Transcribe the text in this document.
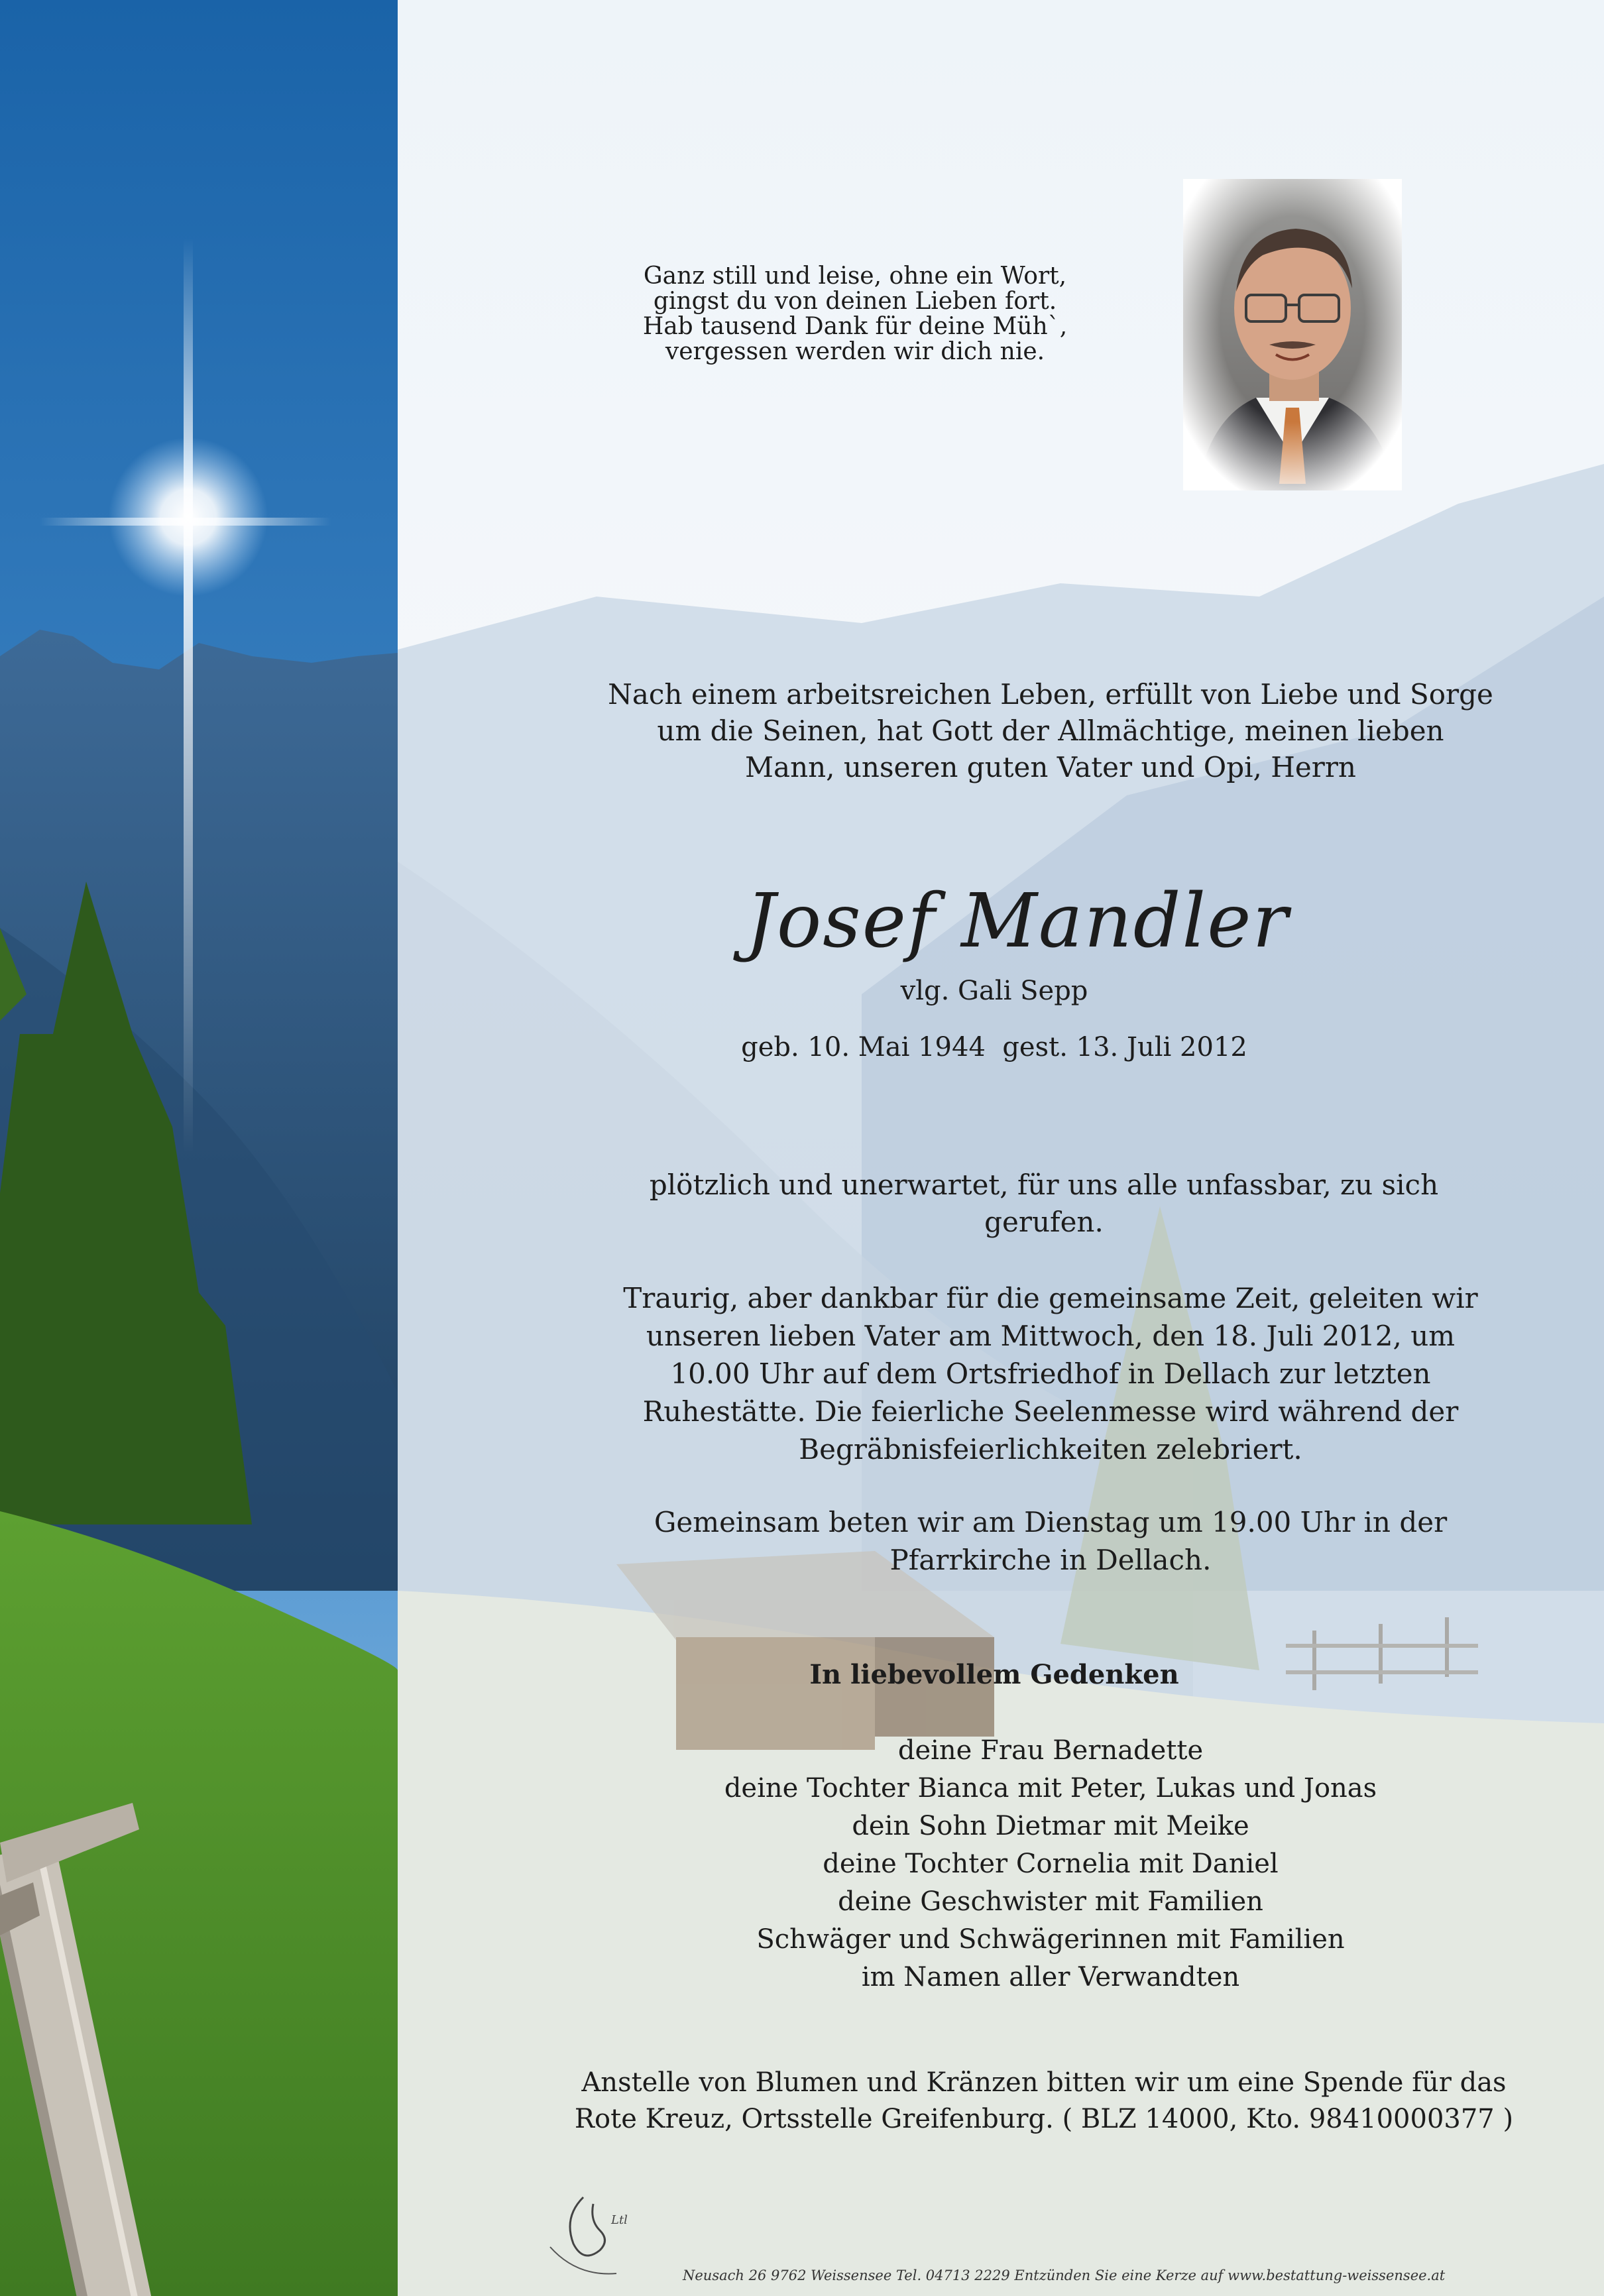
Ganz still und leise, ohne ein Wort,
gingst du von deinen Lieben fort.
Hab tausend Dank für deine Müh`,
vergessen werden wir dich nie.
Nach einem arbeitsreichen Leben, erfüllt von Liebe und Sorge
um die Seinen, hat Gott der Allmächtige, meinen lieben
Mann, unseren guten Vater und Opi, Herrn
Josef Mandler
vlg. Gali Sepp
geb. 10. Mai 1944  gest. 13. Juli 2012
plötzlich und unerwartet, für uns alle unfassbar, zu sich
gerufen.
Traurig, aber dankbar für die gemeinsame Zeit, geleiten wir
unseren lieben Vater am Mittwoch, den 18. Juli 2012, um
10.00 Uhr auf dem Ortsfriedhof in Dellach zur letzten
Ruhestätte. Die feierliche Seelenmesse wird während der
Begräbnisfeierlichkeiten zelebriert.
Gemeinsam beten wir am Dienstag um 19.00 Uhr in der
Pfarrkirche in Dellach.
In liebevollem Gedenken
deine Frau Bernadette
deine Tochter Bianca mit Peter, Lukas und Jonas
dein Sohn Dietmar mit Meike
deine Tochter Cornelia mit Daniel
deine Geschwister mit Familien
Schwäger und Schwägerinnen mit Familien
im Namen aller Verwandten
Anstelle von Blumen und Kränzen bitten wir um eine Spende für das
Rote Kreuz, Ortsstelle Greifenburg. ( BLZ 14000, Kto. 98410000377 )
Ltl
Neusach 26 9762 Weissensee Tel. 04713 2229 Entzünden Sie eine Kerze auf www.bestattung-weissensee.at
